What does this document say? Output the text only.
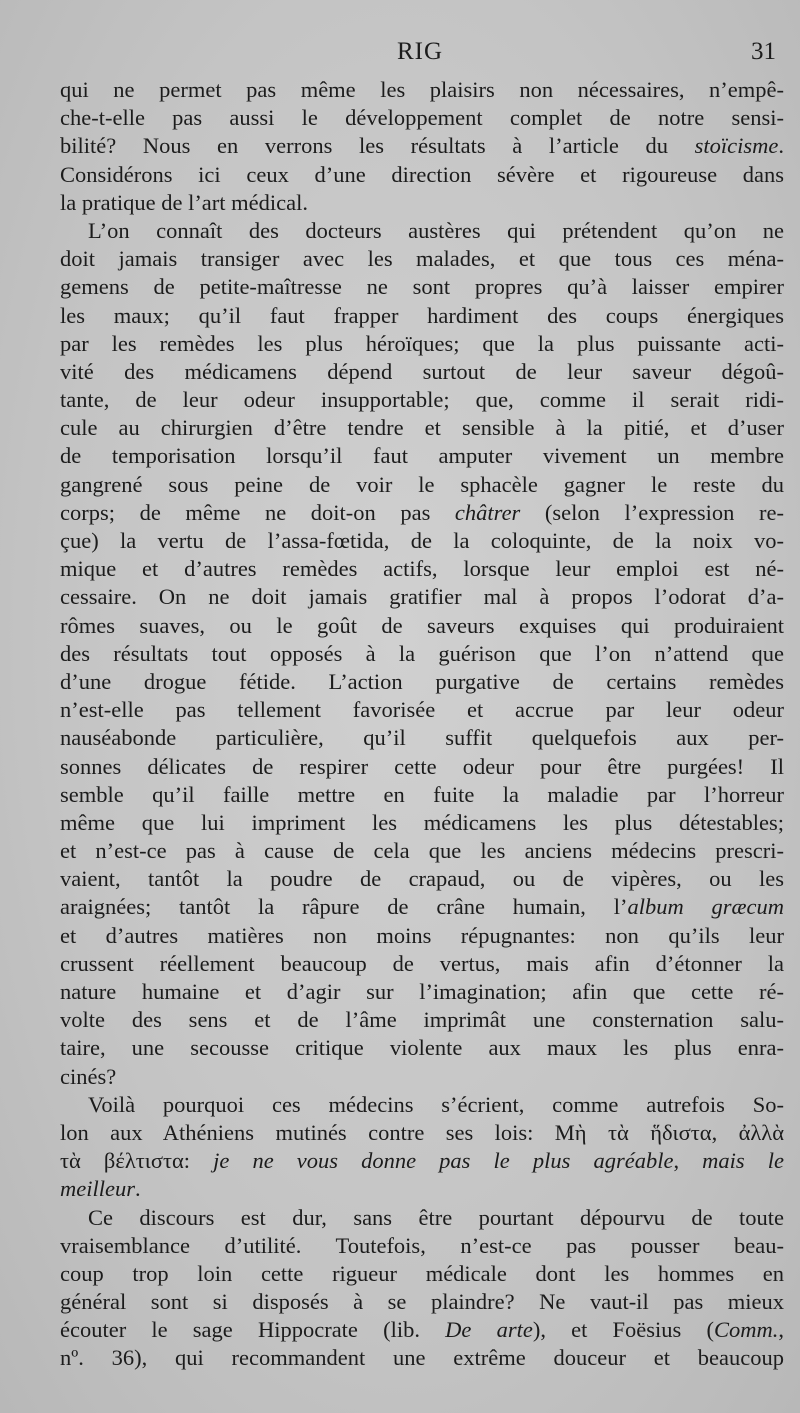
RIG	31
qui ne permet pas même les plaisirs non nécessaires, n’empê-
che-t-elle pas aussi le développement complet de notre sensi-
bilité? Nous en verrons les résultats à l’article du stoïcisme.
Considérons ici ceux d’une direction sévère et rigoureuse dans
la pratique de l’art médical.
L’on connaît des docteurs austères qui prétendent qu’on ne
doit jamais transiger avec les malades, et que tous ces ména-
gemens de petite-maîtresse ne sont propres qu’à laisser empirer
les maux; qu’il faut frapper hardiment des coups énergiques
par les remèdes les plus héroïques; que la plus puissante acti-
vité des médicamens dépend surtout de leur saveur dégoû-
tante, de leur odeur insupportable; que, comme il serait ridi-
cule au chirurgien d’être tendre et sensible à la pitié, et d’user
de temporisation lorsqu’il faut amputer vivement un membre
gangrené sous peine de voir le sphacèle gagner le reste du
corps; de même ne doit-on pas châtrer (selon l’expression re-
çue) la vertu de l’assa-fœtida, de la coloquinte, de la noix vo-
mique et d’autres remèdes actifs, lorsque leur emploi est né-
cessaire. On ne doit jamais gratifier mal à propos l’odorat d’a-
rômes suaves, ou le goût de saveurs exquises qui produiraient
des résultats tout opposés à la guérison que l’on n’attend que
d’une drogue fétide. L’action purgative de certains remèdes
n’est-elle pas tellement favorisée et accrue par leur odeur
nauséabonde particulière, qu’il suffit quelquefois aux per-
sonnes délicates de respirer cette odeur pour être purgées! Il
semble qu’il faille mettre en fuite la maladie par l’horreur
même que lui impriment les médicamens les plus détestables;
et n’est-ce pas à cause de cela que les anciens médecins prescri-
vaient, tantôt la poudre de crapaud, ou de vipères, ou les
araignées; tantôt la râpure de crâne humain, l’album græcum
et d’autres matières non moins répugnantes: non qu’ils leur
crussent réellement beaucoup de vertus, mais afin d’étonner la
nature humaine et d’agir sur l’imagination; afin que cette ré-
volte des sens et de l’âme imprimât une consternation salu-
taire, une secousse critique violente aux maux les plus enra-
cinés?
Voilà pourquoi ces médecins s’écrient, comme autrefois So-
lon aux Athéniens mutinés contre ses lois: Μὴ τὰ ἥδιστα, ἀλλὰ
τὰ βέλτιστα: je ne vous donne pas le plus agréable, mais le
meilleur.
Ce discours est dur, sans être pourtant dépourvu de toute
vraisemblance d’utilité. Toutefois, n’est-ce pas pousser beau-
coup trop loin cette rigueur médicale dont les hommes en
général sont si disposés à se plaindre? Ne vaut-il pas mieux
écouter le sage Hippocrate (lib. De arte), et Foësius (Comm.,
nº. 36), qui recommandent une extrême douceur et beaucoup
